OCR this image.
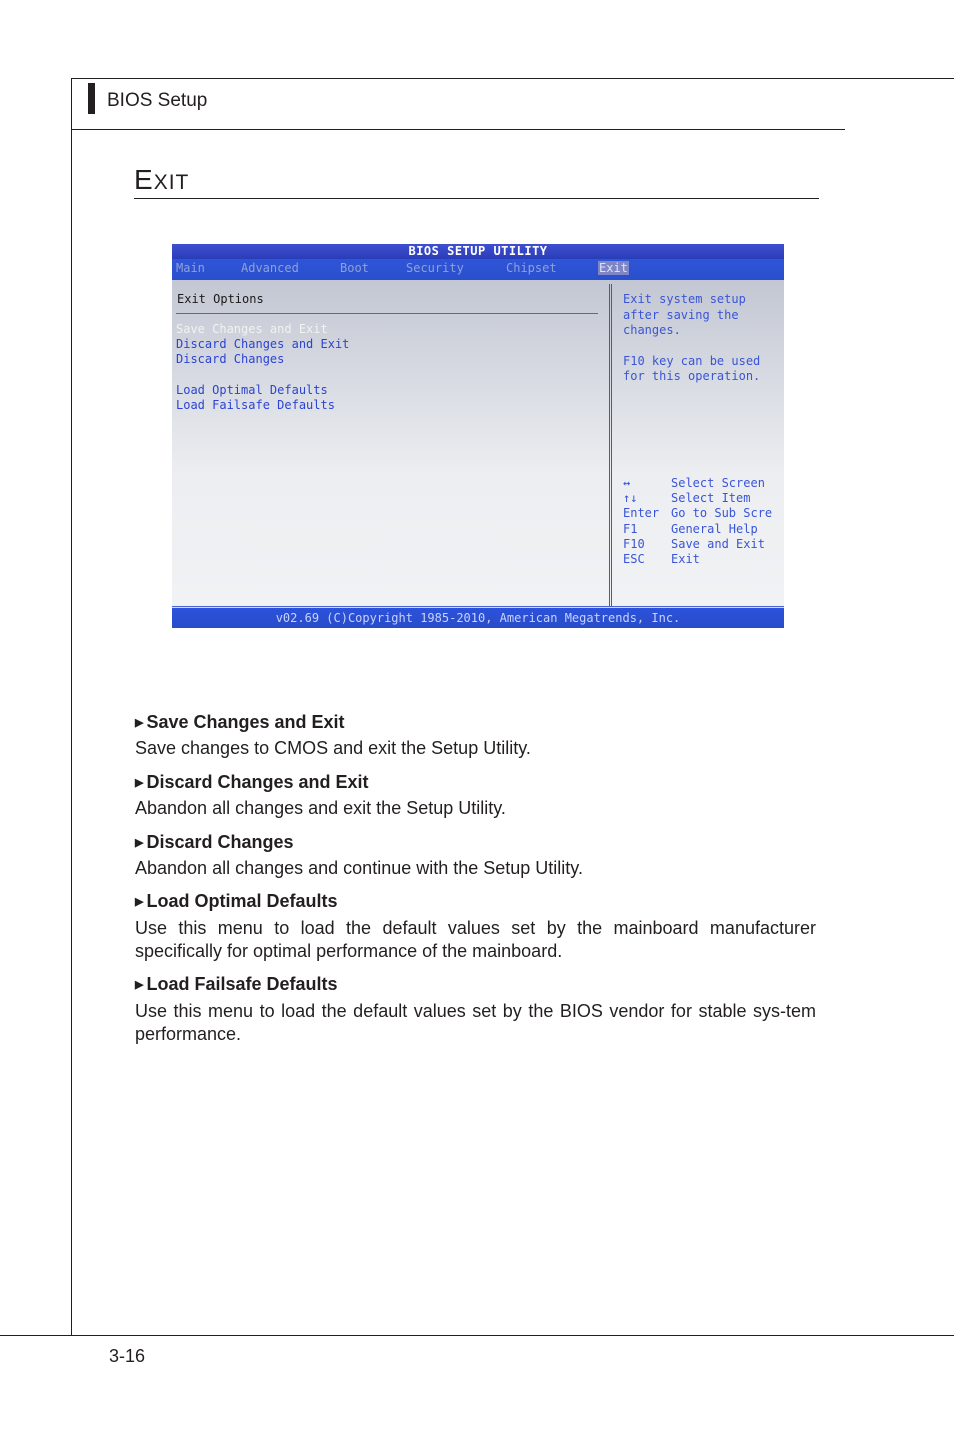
BIOS Setup
EXIT
BIOS SETUP UTILITY
Main	Advanced	Boot	Security	Chipset	Exit
Exit Options
Save Changes and Exit
Discard Changes and Exit
Discard Changes
Load Optimal Defaults
Load Failsafe Defaults
Exit system setup
after saving the
changes.
F10 key can be used
for this operation.
↔	Select Screen
↑↓	Select Item
Enter Go to Sub Scre
F1	General Help
F10 Save and Exit
ESC Exit
v02.69 (C)Copyright 1985-2010, American Megatrends, Inc.
▶ Save Changes and Exit
Save changes to CMOS and exit the Setup Utility.
▶ Discard Changes and Exit
Abandon all changes and exit the Setup Utility.
▶ Discard Changes
Abandon all changes and continue with the Setup Utility.
▶ Load Optimal Defaults
Use this menu to load the default values set by the mainboard manufacturer specifically for optimal performance of the mainboard.
▶ Load Failsafe Defaults
Use this menu to load the default values set by the BIOS vendor for stable sys-tem performance.
3-16
